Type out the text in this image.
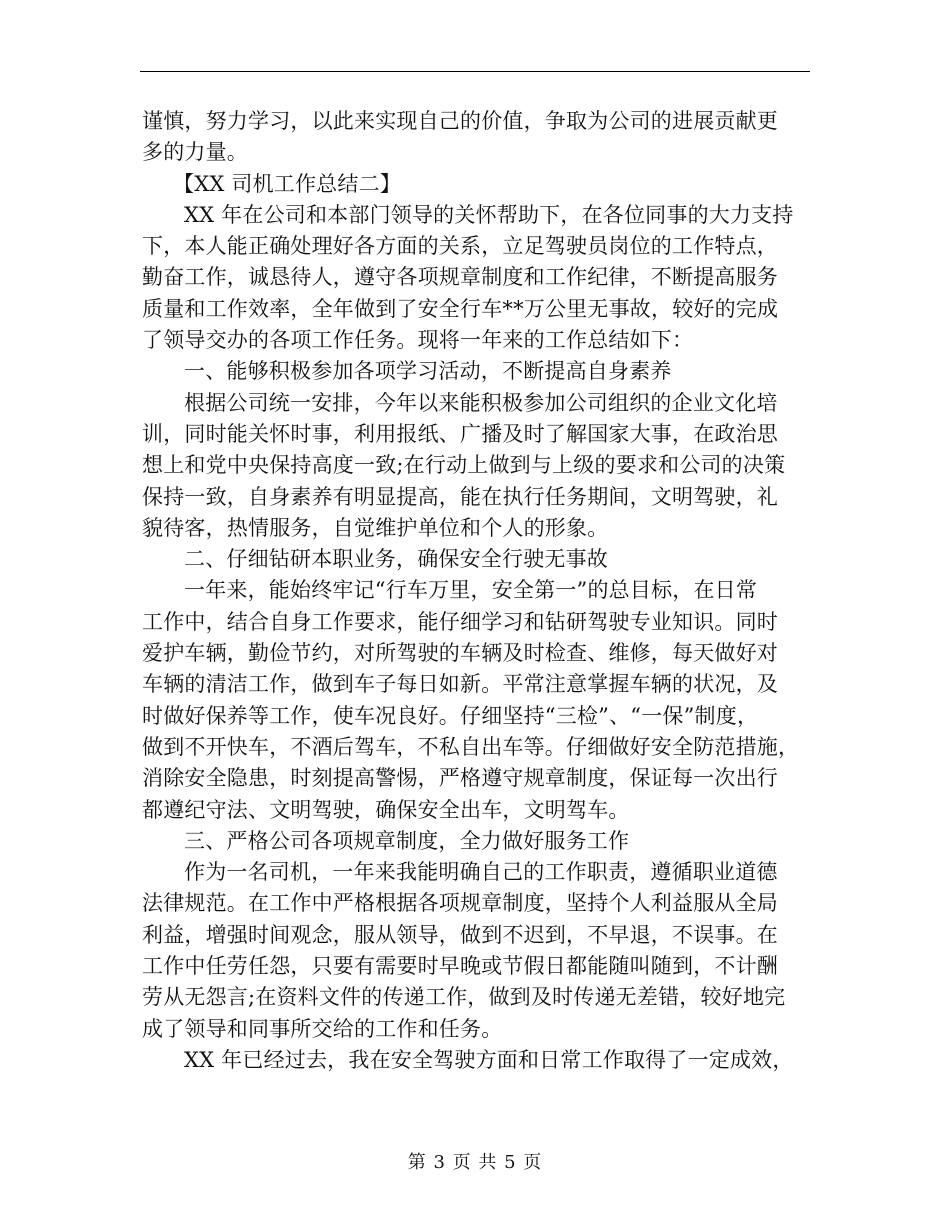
谨慎，努力学习，以此来实现自己的价值，争取为公司的进展贡献更
多的力量。
【XX 司机工作总结二】
XX 年在公司和本部门领导的关怀帮助下，在各位同事的大力支持
下，本人能正确处理好各方面的关系，立足驾驶员岗位的工作特点，
勤奋工作，诚恳待人，遵守各项规章制度和工作纪律，不断提高服务
质量和工作效率，全年做到了安全行车**万公里无事故，较好的完成
了领导交办的各项工作任务。现将一年来的工作总结如下：
一、能够积极参加各项学习活动，不断提高自身素养
根据公司统一安排，今年以来能积极参加公司组织的企业文化培
训，同时能关怀时事，利用报纸、广播及时了解国家大事，在政治思
想上和党中央保持高度一致;在行动上做到与上级的要求和公司的决策
保持一致，自身素养有明显提高，能在执行任务期间，文明驾驶，礼
貌待客，热情服务，自觉维护单位和个人的形象。
二、仔细钻研本职业务，确保安全行驶无事故
一年来，能始终牢记“行车万里，安全第一”的总目标，在日常
工作中，结合自身工作要求，能仔细学习和钻研驾驶专业知识。同时
爱护车辆，勤俭节约，对所驾驶的车辆及时检查、维修，每天做好对
车辆的清洁工作，做到车子每日如新。平常注意掌握车辆的状况，及
时做好保养等工作，使车况良好。仔细坚持“三检”、“一保”制度，
做到不开快车，不酒后驾车，不私自出车等。仔细做好安全防范措施，
消除安全隐患，时刻提高警惕，严格遵守规章制度，保证每一次出行
都遵纪守法、文明驾驶，确保安全出车，文明驾车。
三、严格公司各项规章制度，全力做好服务工作
作为一名司机，一年来我能明确自己的工作职责，遵循职业道德
法律规范。在工作中严格根据各项规章制度，坚持个人利益服从全局
利益，增强时间观念，服从领导，做到不迟到，不早退，不误事。在
工作中任劳任怨，只要有需要时早晚或节假日都能随叫随到，不计酬
劳从无怨言;在资料文件的传递工作，做到及时传递无差错，较好地完
成了领导和同事所交给的工作和任务。
XX 年已经过去，我在安全驾驶方面和日常工作取得了一定成效，
第 3 页 共 5 页
